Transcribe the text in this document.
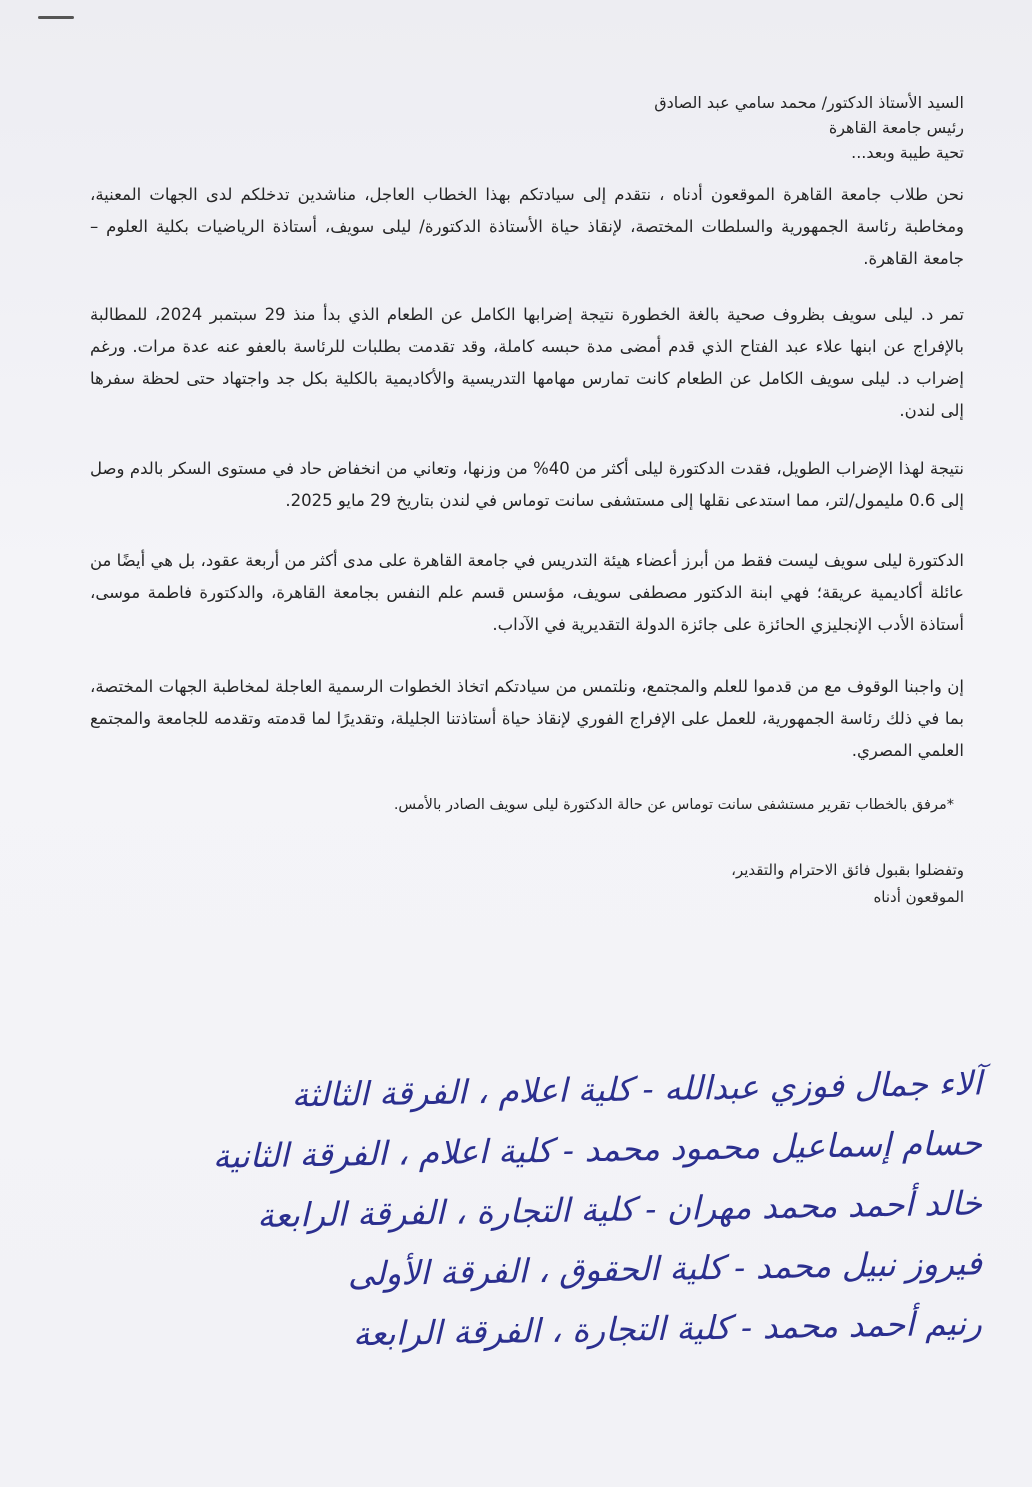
السيد الأستاذ الدكتور/ محمد سامي عبد الصادق

رئيس جامعة القاهرة

تحية طيبة وبعد...

نحن طلاب جامعة القاهرة الموقعون أدناه ، نتقدم إلى سيادتكم بهذا الخطاب العاجل، مناشدين تدخلكم لدى الجهات المعنية، ومخاطبة رئاسة الجمهورية والسلطات المختصة، لإنقاذ حياة الأستاذة الدكتورة/ ليلى سويف، أستاذة الرياضيات بكلية العلوم – جامعة القاهرة.

تمر د. ليلى سويف بظروف صحية بالغة الخطورة نتيجة إضرابها الكامل عن الطعام الذي بدأ منذ 29 سبتمبر 2024، للمطالبة بالإفراج عن ابنها علاء عبد الفتاح الذي قدم أمضى مدة حبسه كاملة، وقد تقدمت بطلبات للرئاسة بالعفو عنه عدة مرات. ورغم إضراب د. ليلى سويف الكامل عن الطعام كانت تمارس مهامها التدريسية والأكاديمية بالكلية بكل جد واجتهاد حتى لحظة سفرها إلى لندن.

نتيجة لهذا الإضراب الطويل، فقدت الدكتورة ليلى أكثر من 40% من وزنها، وتعاني من انخفاض حاد في مستوى السكر بالدم وصل إلى 0.6 مليمول/لتر، مما استدعى نقلها إلى مستشفى سانت توماس في لندن بتاريخ 29 مايو 2025.

الدكتورة ليلى سويف ليست فقط من أبرز أعضاء هيئة التدريس في جامعة القاهرة على مدى أكثر من أربعة عقود، بل هي أيضًا من عائلة أكاديمية عريقة؛ فهي ابنة الدكتور مصطفى سويف، مؤسس قسم علم النفس بجامعة القاهرة، والدكتورة فاطمة موسى، أستاذة الأدب الإنجليزي الحائزة على جائزة الدولة التقديرية في الآداب.

إن واجبنا الوقوف مع من قدموا للعلم والمجتمع، ونلتمس من سيادتكم اتخاذ الخطوات الرسمية العاجلة لمخاطبة الجهات المختصة، بما في ذلك رئاسة الجمهورية، للعمل على الإفراج الفوري لإنقاذ حياة أستاذتنا الجليلة، وتقديرًا لما قدمته وتقدمه للجامعة والمجتمع العلمي المصري.

*مرفق بالخطاب تقرير مستشفى سانت توماس عن حالة الدكتورة ليلى سويف الصادر بالأمس.

وتفضلوا بقبول فائق الاحترام والتقدير،
الموقعون أدناه
آلاء جمال فوزي عبدالله - كلية اعلام ، الفرقة الثالثة
حسام إسماعيل محمود محمد - كلية اعلام ، الفرقة الثانية
خالد أحمد محمد مهران - كلية التجارة ، الفرقة الرابعة
فيروز نبيل محمد - كلية الحقوق ، الفرقة الأولى
رنيم أحمد محمد - كلية التجارة ، الفرقة الرابعة
